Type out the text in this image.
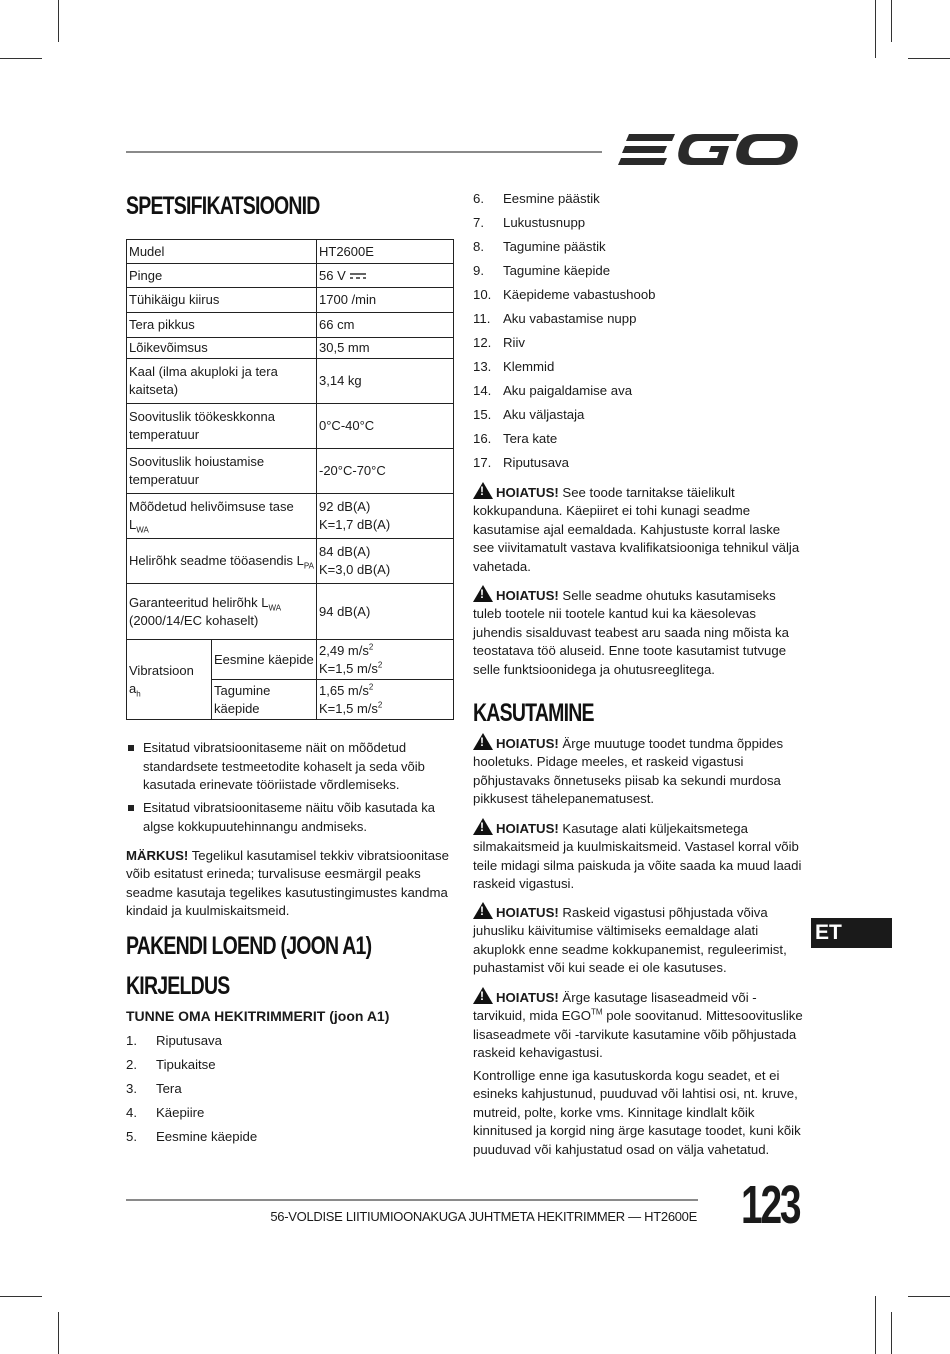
EGO
SPETSIFIKATSIOONID
Mudel		HT2600E
Pinge		56 V
Tühikäigu kiirus		1700 /min
Tera pikkus		66 cm
Lõikevõimsus		30,5 mm
Kaal (ilma akuploki ja tera kaitseta)		3,14 kg
Soovituslik töökeskkonna temperatuur		0°C-40°C
Soovituslik hoiustamise temperatuur		-20°C-70°C
Mõõdetud helivõimsuse tase $L_{WA}$		92 dB(A)
K=1,7 dB(A)

Helirõhk seadme tööasendis $L_{PA}$		84 dB(A)
K=3,0 dB(A)

Garanteeritud helirõhk $L_{WA}$
(2000/14/EC kohaselt)		94 dB(A)
Vibratsioon $a_h$	Eesmine käepide	2,49 $m/s^2$
K=1,5 $m/s^2$

	Tagumine käepide	1,65 $m/s^2$
K=1,5 $m/s^2$
Esitatud vibratsioonitaseme näit on mõõdetud standardsete testmeetodite kohaselt ja seda võib kasutada erinevate tööriistade võrdlemiseks.
Esitatud vibratsioonitaseme näitu võib kasutada ka algse kokkupuutehinnangu andmiseks.
MÄRKUS! Tegelikul kasutamisel tekkiv vibratsioonitase võib esitatust erineda; turvalisuse eesmärgil peaks seadme kasutaja tegelikes kasutustingimustes kandma kindaid ja kuulmiskaitsmeid.
PAKENDI LOEND (JOON A1)
KIRJELDUS
TUNNE OMA HEKITRIMMERIT (joon A1)
1. Riputusava
2. Tipukaitse
3. Tera
4. Käepiire
5. Eesmine käepide
6. Eesmine päästik
7. Lukustusnupp
8. Tagumine päästik
9. Tagumine käepide
10. Käepideme vabastushoob
11. Aku vabastamise nupp
12. Riiv
13. Klemmid
14. Aku paigaldamise ava
15. Aku väljastaja
16. Tera kate
17. Riputusava
!HOIATUS! See toode tarnitakse täielikult kokkupanduna. Käepiiret ei tohi kunagi seadme kasutamise ajal eemaldada. Kahjustuste korral laske see viivitamatult vastava kvalifikatsiooniga tehnikul välja vahetada.
!HOIATUS! Selle seadme ohutuks kasutamiseks tuleb tootele nii tootele kantud kui ka käesolevas juhendis sisalduvast teabest aru saada ning mõista ka teostatava töö aluseid. Enne toote kasutamist tutvuge selle funktsioonidega ja ohutusreeglitega.
KASUTAMINE
!HOIATUS! Ärge muutuge toodet tundma õppides hooletuks. Pidage meeles, et raskeid vigastusi põhjustavaks õnnetuseks piisab ka sekundi murdosa pikkusest tähelepanematusest.
!HOIATUS! Kasutage alati küljekaitsmetega silmakaitsmeid ja kuulmiskaitsmeid. Vastasel korral võib teile midagi silma paiskuda ja võite saada ka muud laadi raskeid vigastusi.
!HOIATUS! Raskeid vigastusi põhjustada võiva juhusliku käivitumise vältimiseks eemaldage alati akuplokk enne seadme kokkupanemist, reguleerimist, puhastamist või kui seade ei ole kasutuses.
!HOIATUS! Ärge kasutage lisaseadmeid või -tarvikuid, mida EGO™ pole soovitanud. Mittesoovituslike lisaseadmete või -tarvikute kasutamine võib põhjustada raskeid kehavigastusi.
Kontrollige enne iga kasutuskorda kogu seadet, et ei esineks kahjustunud, puuduvad või lahtisi osi, nt. kruve, mutreid, polte, korke vms. Kinnitage kindlalt kõik kinnitused ja korgid ning ärge kasutage toodet, kuni kõik puuduvad või kahjustatud osad on välja vahetatud.
ET
56-VOLDISE LIITIUMIOONAKUGA JUHTMETA HEKITRIMMER — HT2600E 123
